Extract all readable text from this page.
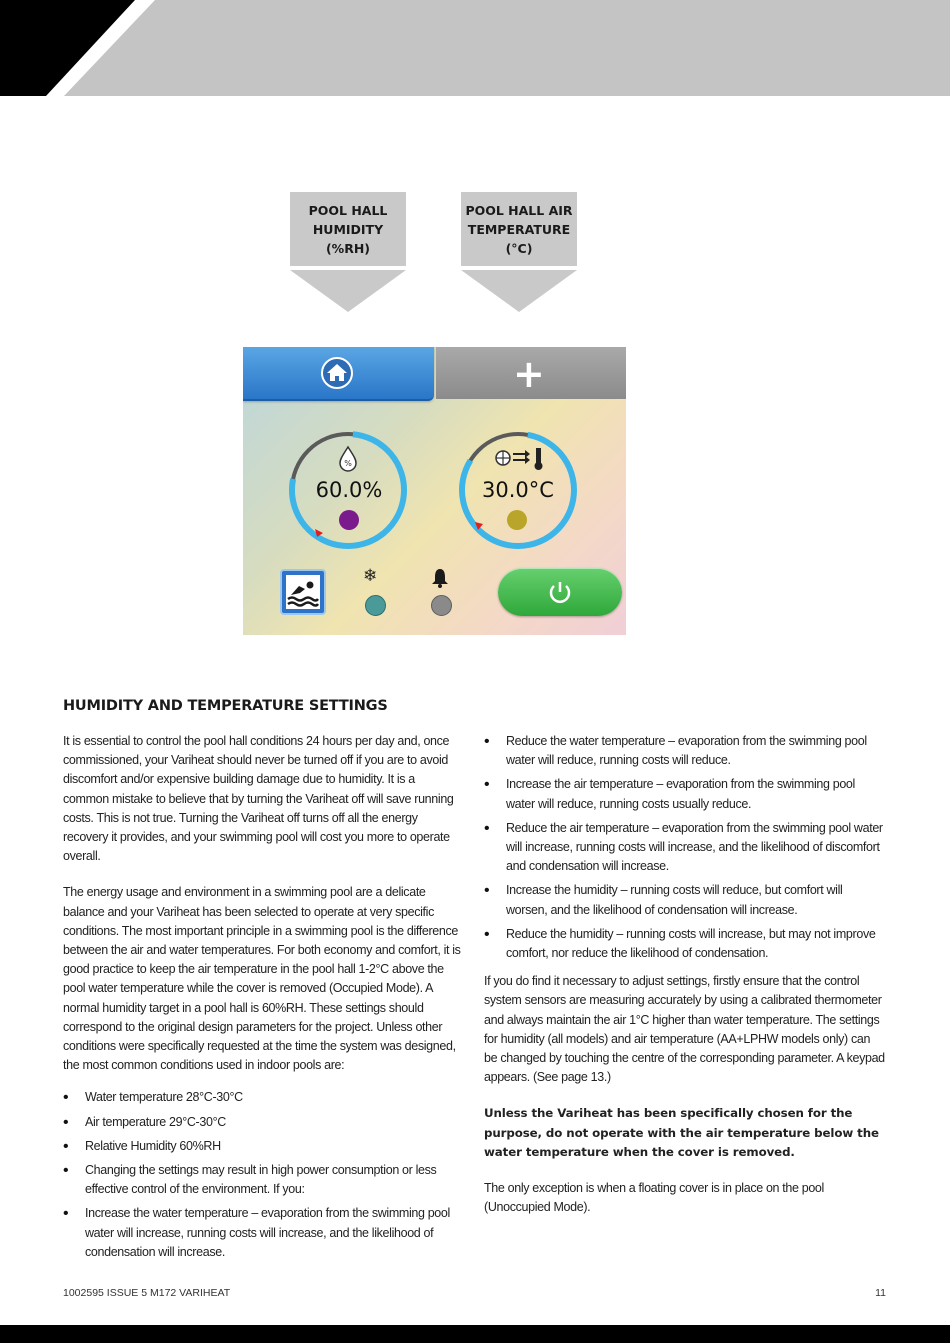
POOL HALL
HUMIDITY
(%RH)
POOL HALL AIR
TEMPERATURE
(°C)
+
%
60.0%	30.0°C
❄
HUMIDITY AND TEMPERATURE SETTINGS

It is essential to control the pool hall conditions 24 hours per day and, once commissioned, your Variheat should never be turned off if you are to avoid discomfort and/or expensive building damage due to humidity. It is a common mistake to believe that by turning the Variheat off will save running costs. This is not true. Turning the Variheat off turns off all the energy recovery it provides, and your swimming pool will cost you more to operate overall.

The energy usage and environment in a swimming pool are a delicate balance and your Variheat has been selected to operate at very specific conditions. The most important principle in a swimming pool is the difference between the air and water temperatures. For both economy and comfort, it is good practice to keep the air temperature in the pool hall 1-2°C above the pool water temperature while the cover is removed (Occupied Mode). A normal humidity target in a pool hall is 60%RH. These settings should correspond to the original design parameters for the project. Unless other conditions were specifically requested at the time the system was designed, the most common conditions used in indoor pools are:

• Water temperature 28°C-30°C
• Air temperature 29°C-30°C
• Relative Humidity 60%RH
• Changing the settings may result in high power consumption or less effective control of the environment. If you:
• Increase the water temperature – evaporation from the swimming pool water will increase, running costs will increase, and the likelihood of condensation will increase.
• Reduce the water temperature – evaporation from the swimming pool water will reduce, running costs will reduce.
• Increase the air temperature – evaporation from the swimming pool water will reduce, running costs usually reduce.
• Reduce the air temperature – evaporation from the swimming pool water will increase, running costs will increase, and the likelihood of discomfort and condensation will increase.
• Increase the humidity – running costs will reduce, but comfort will worsen, and the likelihood of condensation will increase.
• Reduce the humidity – running costs will increase, but may not improve comfort, nor reduce the likelihood of condensation.

If you do find it necessary to adjust settings, firstly ensure that the control system sensors are measuring accurately by using a calibrated thermometer and always maintain the air 1°C higher than water temperature. The settings for humidity (all models) and air temperature (AA+LPHW models only) can be changed by touching the centre of the corresponding parameter. A keypad appears. (See page 13.)

Unless the Variheat has been specifically chosen for the purpose, do not operate with the air temperature below the water temperature when the cover is removed.

The only exception is when a floating cover is in place on the pool (Unoccupied Mode).

1002595 ISSUE 5 M172 VARIHEAT	11
